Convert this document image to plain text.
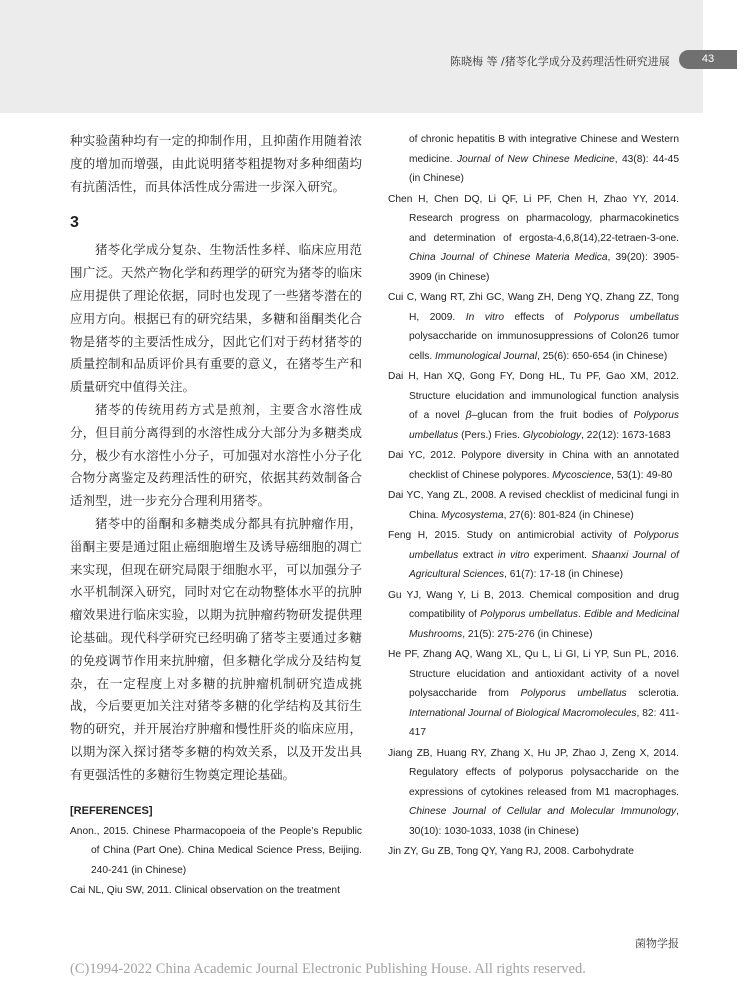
陈晓梅 等 /猪苓化学成分及药理活性研究进展	43

种实验菌种均有一定的抑制作用，且抑菌作用随着浓度的增加而增强，由此说明猪苓粗提物对多种细菌均有抗菌活性，而具体活性成分需进一步深入研究。

3

猪苓化学成分复杂、生物活性多样、临床应用范围广泛。天然产物化学和药理学的研究为猪苓的临床应用提供了理论依据，同时也发现了一些猪苓潜在的应用方向。根据已有的研究结果，多糖和甾酮类化合物是猪苓的主要活性成分，因此它们对于药材猪苓的质量控制和品质评价具有重要的意义，在猪苓生产和质量研究中值得关注。

猪苓的传统用药方式是煎剂，主要含水溶性成分，但目前分离得到的水溶性成分大部分为多糖类成分，极少有水溶性小分子，可加强对水溶性小分子化合物分离鉴定及药理活性的研究，依据其药效制备合适剂型，进一步充分合理利用猪苓。

猪苓中的甾酮和多糖类成分都具有抗肿瘤作用，甾酮主要是通过阻止癌细胞增生及诱导癌细胞的凋亡来实现，但现在研究局限于细胞水平，可以加强分子水平机制深入研究，同时对它在动物整体水平的抗肿瘤效果进行临床实验，以期为抗肿瘤药物研发提供理论基础。现代科学研究已经明确了猪苓主要通过多糖的免疫调节作用来抗肿瘤，但多糖化学成分及结构复杂，在一定程度上对多糖的抗肿瘤机制研究造成挑战，今后要更加关注对猪苓多糖的化学结构及其衍生物的研究，并开展治疗肿瘤和慢性肝炎的临床应用，以期为深入探讨猪苓多糖的构效关系，以及开发出具有更强活性的多糖衍生物奠定理论基础。

[REFERENCES]

Anon., 2015. Chinese Pharmacopoeia of the People’s Republic of China (Part One). China Medical Science Press, Beijing. 240-241 (in Chinese)

Cai NL, Qiu SW, 2011. Clinical observation on the treatment

of chronic hepatitis B with integrative Chinese and Western medicine. Journal of New Chinese Medicine, 43(8): 44-45 (in Chinese)

Chen H, Chen DQ, Li QF, Li PF, Chen H, Zhao YY, 2014. Research progress on pharmacology, pharmacokinetics and determination of ergosta-4,6,8(14),22-tetraen-3-one. China Journal of Chinese Materia Medica, 39(20): 3905-3909 (in Chinese)

Cui C, Wang RT, Zhi GC, Wang ZH, Deng YQ, Zhang ZZ, Tong H, 2009. In vitro effects of Polyporus umbellatus polysaccharide on immunosuppressions of Colon26 tumor cells. Immunological Journal, 25(6): 650-654 (in Chinese)

Dai H, Han XQ, Gong FY, Dong HL, Tu PF, Gao XM, 2012. Structure elucidation and immunological function analysis of a novel β–glucan from the fruit bodies of Polyporus umbellatus (Pers.) Fries. Glycobiology, 22(12): 1673-1683

Dai YC, 2012. Polypore diversity in China with an annotated checklist of Chinese polypores. Mycoscience, 53(1): 49-80

Dai YC, Yang ZL, 2008. A revised checklist of medicinal fungi in China. Mycosystema, 27(6): 801-824 (in Chinese)

Feng H, 2015. Study on antimicrobial activity of Polyporus umbellatus extract in vitro experiment. Shaanxi Journal of Agricultural Sciences, 61(7): 17-18 (in Chinese)

Gu YJ, Wang Y, Li B, 2013. Chemical composition and drug compatibility of Polyporus umbellatus. Edible and Medicinal Mushrooms, 21(5): 275-276 (in Chinese)

He PF, Zhang AQ, Wang XL, Qu L, Li GI, Li YP, Sun PL, 2016. Structure elucidation and antioxidant activity of a novel polysaccharide from Polyporus umbellatus sclerotia. International Journal of Biological Macromolecules, 82: 411-417

Jiang ZB, Huang RY, Zhang X, Hu JP, Zhao J, Zeng X, 2014. Regulatory effects of polyporus polysaccharide on the expressions of cytokines released from M1 macrophages. Chinese Journal of Cellular and Molecular Immunology, 30(10): 1030-1033, 1038 (in Chinese)

Jin ZY, Gu ZB, Tong QY, Yang RJ, 2008. Carbohydrate

菌物学报
(C)1994-2022 China Academic Journal Electronic Publishing House. All rights reserved.
